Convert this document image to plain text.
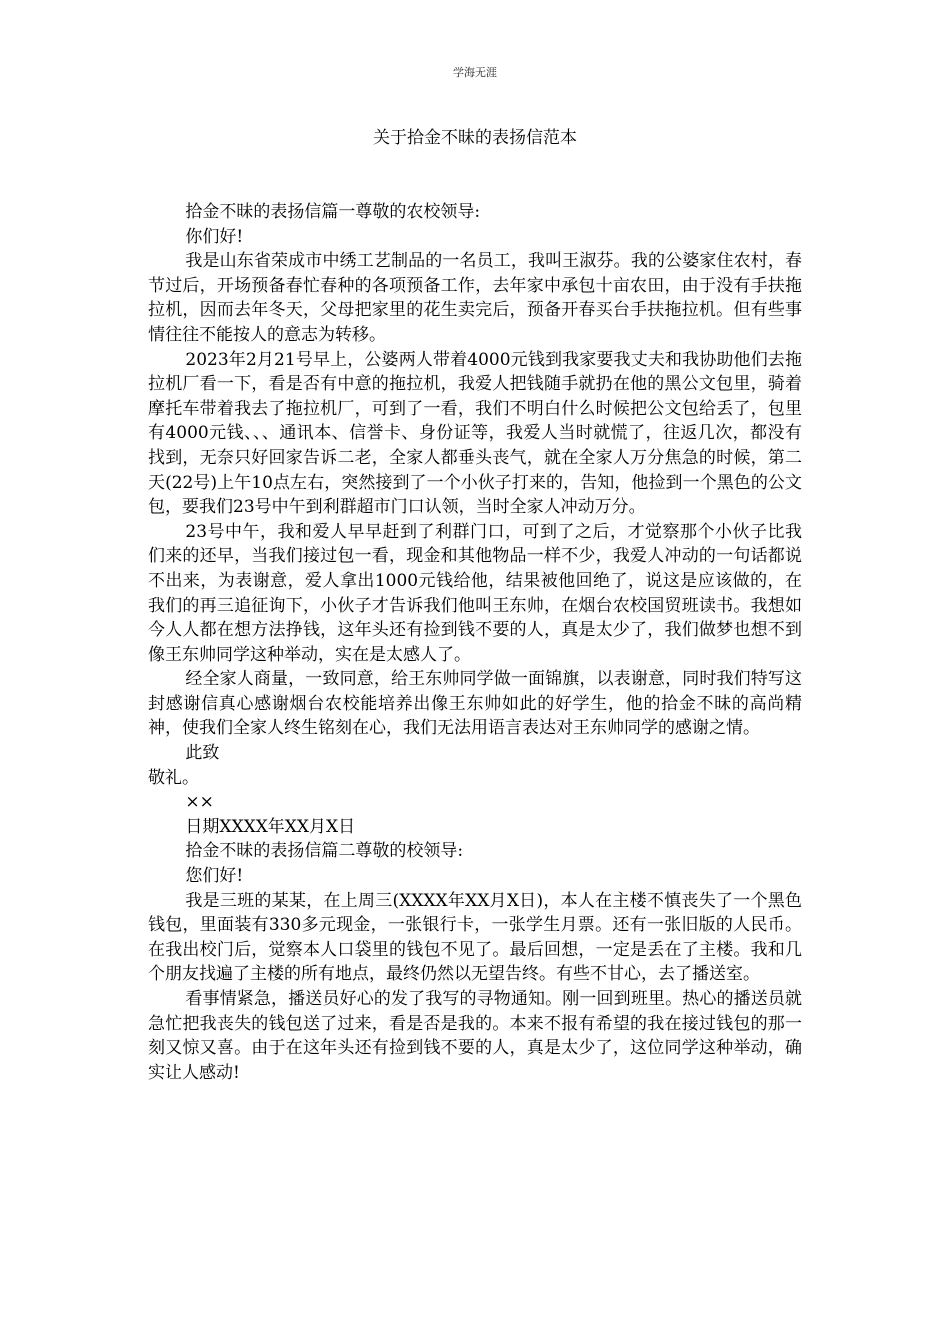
学海无涯
关于拾金不昧的表扬信范本

拾金不昧的表扬信篇一尊敬的农校领导:

你们好!

我是山东省荣成市中绣工艺制品的一名员工，我叫王淑芬。我的公婆家住农村，春节过后，开场预备春忙春种的各项预备工作，去年家中承包十亩农田，由于没有手扶拖拉机，因而去年冬天，父母把家里的花生卖完后，预备开春买台手扶拖拉机。但有些事情往往不能按人的意志为转移。

2023年2月21号早上，公婆两人带着4000元钱到我家要我丈夫和我协助他们去拖拉机厂看一下，看是否有中意的拖拉机，我爱人把钱随手就扔在他的黑公文包里，骑着摩托车带着我去了拖拉机厂，可到了一看，我们不明白什么时候把公文包给丢了，包里有4000元钱、、、通讯本、信誉卡、身份证等，我爱人当时就慌了，往返几次，都没有找到，无奈只好回家告诉二老，全家人都垂头丧气，就在全家人万分焦急的时候，第二天(22号)上午10点左右，突然接到了一个小伙子打来的，告知，他捡到一个黑色的公文包，要我们23号中午到利群超市门口认领，当时全家人冲动万分。

23号中午，我和爱人早早赶到了利群门口，可到了之后，才觉察那个小伙子比我们来的还早，当我们接过包一看，现金和其他物品一样不少，我爱人冲动的一句话都说不出来，为表谢意，爱人拿出1000元钱给他，结果被他回绝了，说这是应该做的，在我们的再三追征询下，小伙子才告诉我们他叫王东帅，在烟台农校国贸班读书。我想如今人人都在想方法挣钱，这年头还有捡到钱不要的人，真是太少了，我们做梦也想不到像王东帅同学这种举动，实在是太感人了。

经全家人商量，一致同意，给王东帅同学做一面锦旗，以表谢意，同时我们特写这封感谢信真心感谢烟台农校能培养出像王东帅如此的好学生，他的拾金不昧的高尚精神，使我们全家人终生铭刻在心，我们无法用语言表达对王东帅同学的感谢之情。

此致

敬礼。

××

日期XXXX年XX月X日

拾金不昧的表扬信篇二尊敬的校领导:

您们好!

我是三班的某某，在上周三(XXXX年XX月X日)，本人在主楼不慎丧失了一个黑色钱包，里面装有330多元现金，一张银行卡，一张学生月票。还有一张旧版的人民币。在我出校门后，觉察本人口袋里的钱包不见了。最后回想，一定是丢在了主楼。我和几个朋友找遍了主楼的所有地点，最终仍然以无望告终。有些不甘心，去了播送室。

看事情紧急，播送员好心的发了我写的寻物通知。刚一回到班里。热心的播送员就急忙把我丧失的钱包送了过来，看是否是我的。本来不报有希望的我在接过钱包的那一刻又惊又喜。由于在这年头还有捡到钱不要的人，真是太少了，这位同学这种举动，确实让人感动!
